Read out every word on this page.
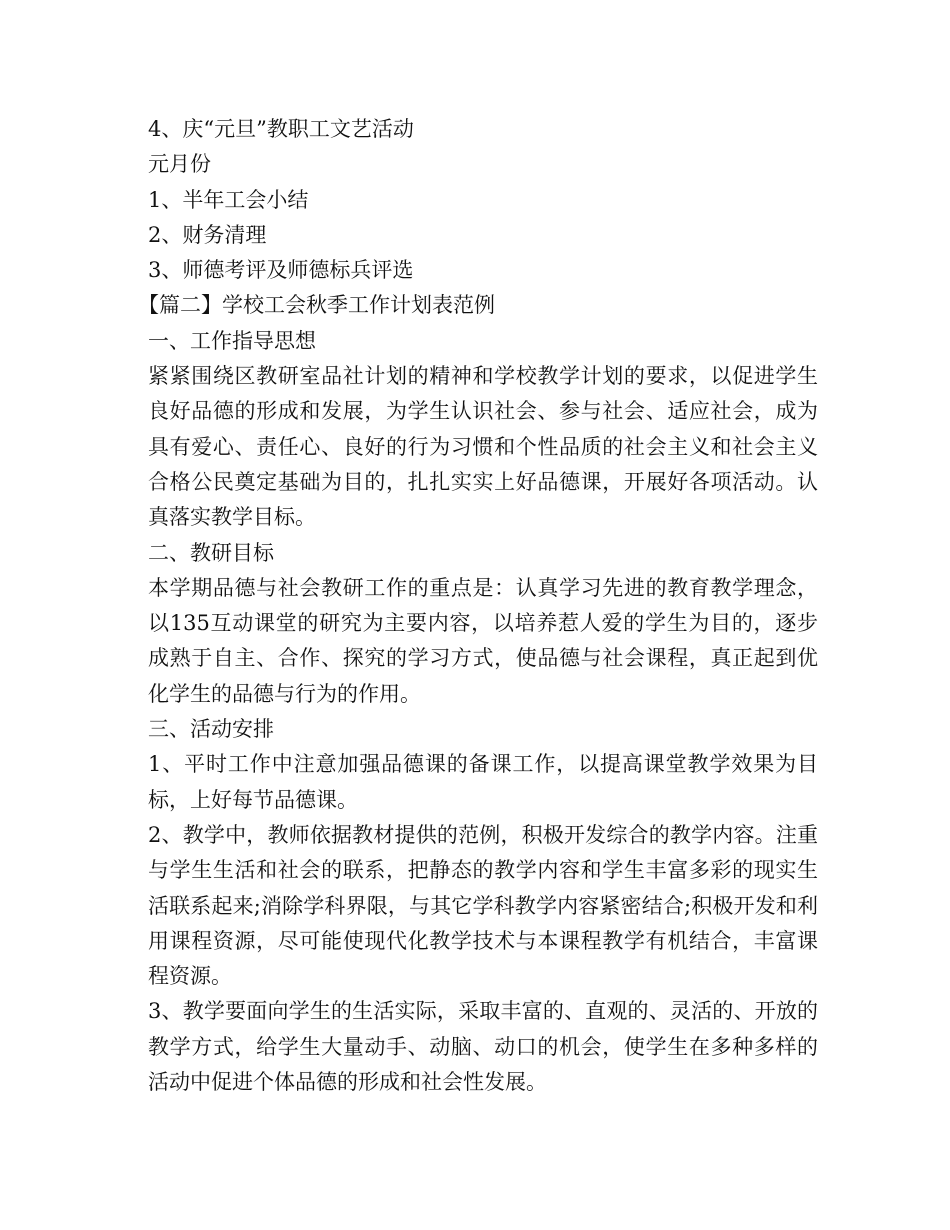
4、庆“元旦”教职工文艺活动
元月份
1、半年工会小结
2、财务清理
3、师德考评及师德标兵评选
【篇二】学校工会秋季工作计划表范例
一、工作指导思想
紧紧围绕区教研室品社计划的精神和学校教学计划的要求，以促进学生良好品德的形成和发展，为学生认识社会、参与社会、适应社会，成为具有爱心、责任心、良好的行为习惯和个性品质的社会主义和社会主义合格公民奠定基础为目的，扎扎实实上好品德课，开展好各项活动。认真落实教学目标。
二、教研目标
本学期品德与社会教研工作的重点是：认真学习先进的教育教学理念，以135互动课堂的研究为主要内容，以培养惹人爱的学生为目的，逐步成熟于自主、合作、探究的学习方式，使品德与社会课程，真正起到优化学生的品德与行为的作用。
三、活动安排
1、平时工作中注意加强品德课的备课工作，以提高课堂教学效果为目标，上好每节品德课。
2、教学中，教师依据教材提供的范例，积极开发综合的教学内容。注重与学生生活和社会的联系，把静态的教学内容和学生丰富多彩的现实生活联系起来;消除学科界限，与其它学科教学内容紧密结合;积极开发和利用课程资源，尽可能使现代化教学技术与本课程教学有机结合，丰富课程资源。
3、教学要面向学生的生活实际，采取丰富的、直观的、灵活的、开放的教学方式，给学生大量动手、动脑、动口的机会，使学生在多种多样的活动中促进个体品德的形成和社会性发展。
